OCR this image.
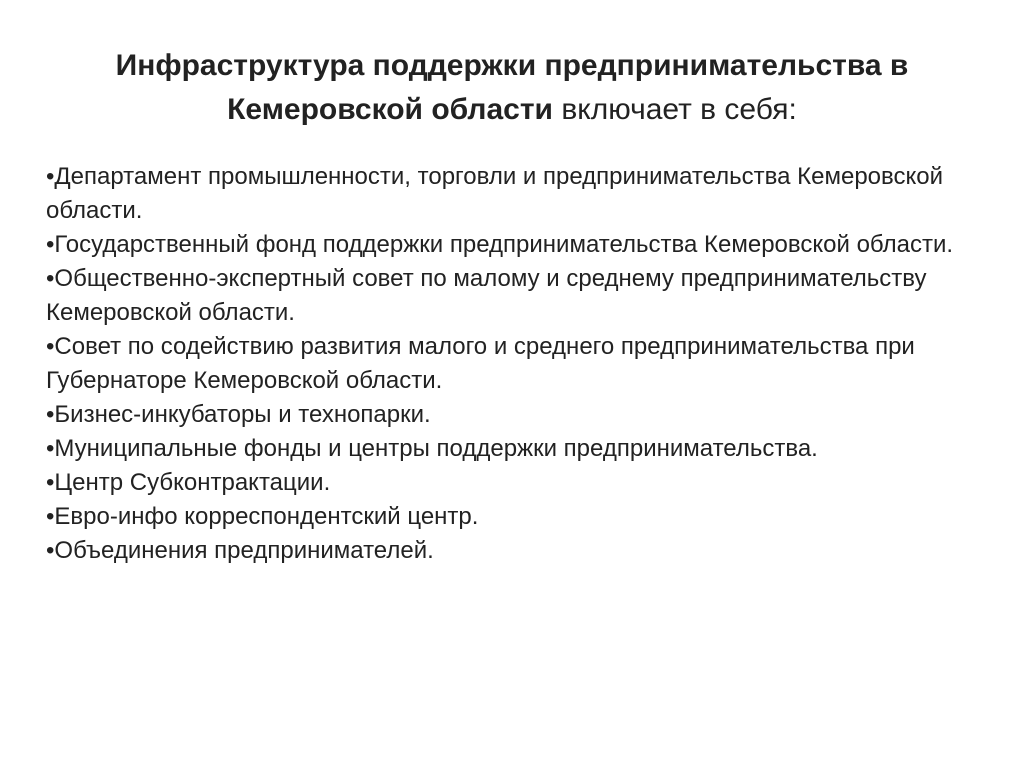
Инфраструктура поддержки предпринимательства в Кемеровской области включает в себя:
•Департамент промышленности, торговли и предпринимательства Кемеровской области.
•Государственный фонд поддержки предпринимательства Кемеровской области.
•Общественно-экспертный совет по малому и среднему предпринимательству Кемеровской области.
•Совет по содействию развития малого и среднего предпринимательства при Губернаторе Кемеровской области.
•Бизнес-инкубаторы и технопарки.
•Муниципальные фонды и центры поддержки предпринимательства.
•Центр Субконтрактации.
•Евро-инфо корреспондентский центр.
•Объединения предпринимателей.
